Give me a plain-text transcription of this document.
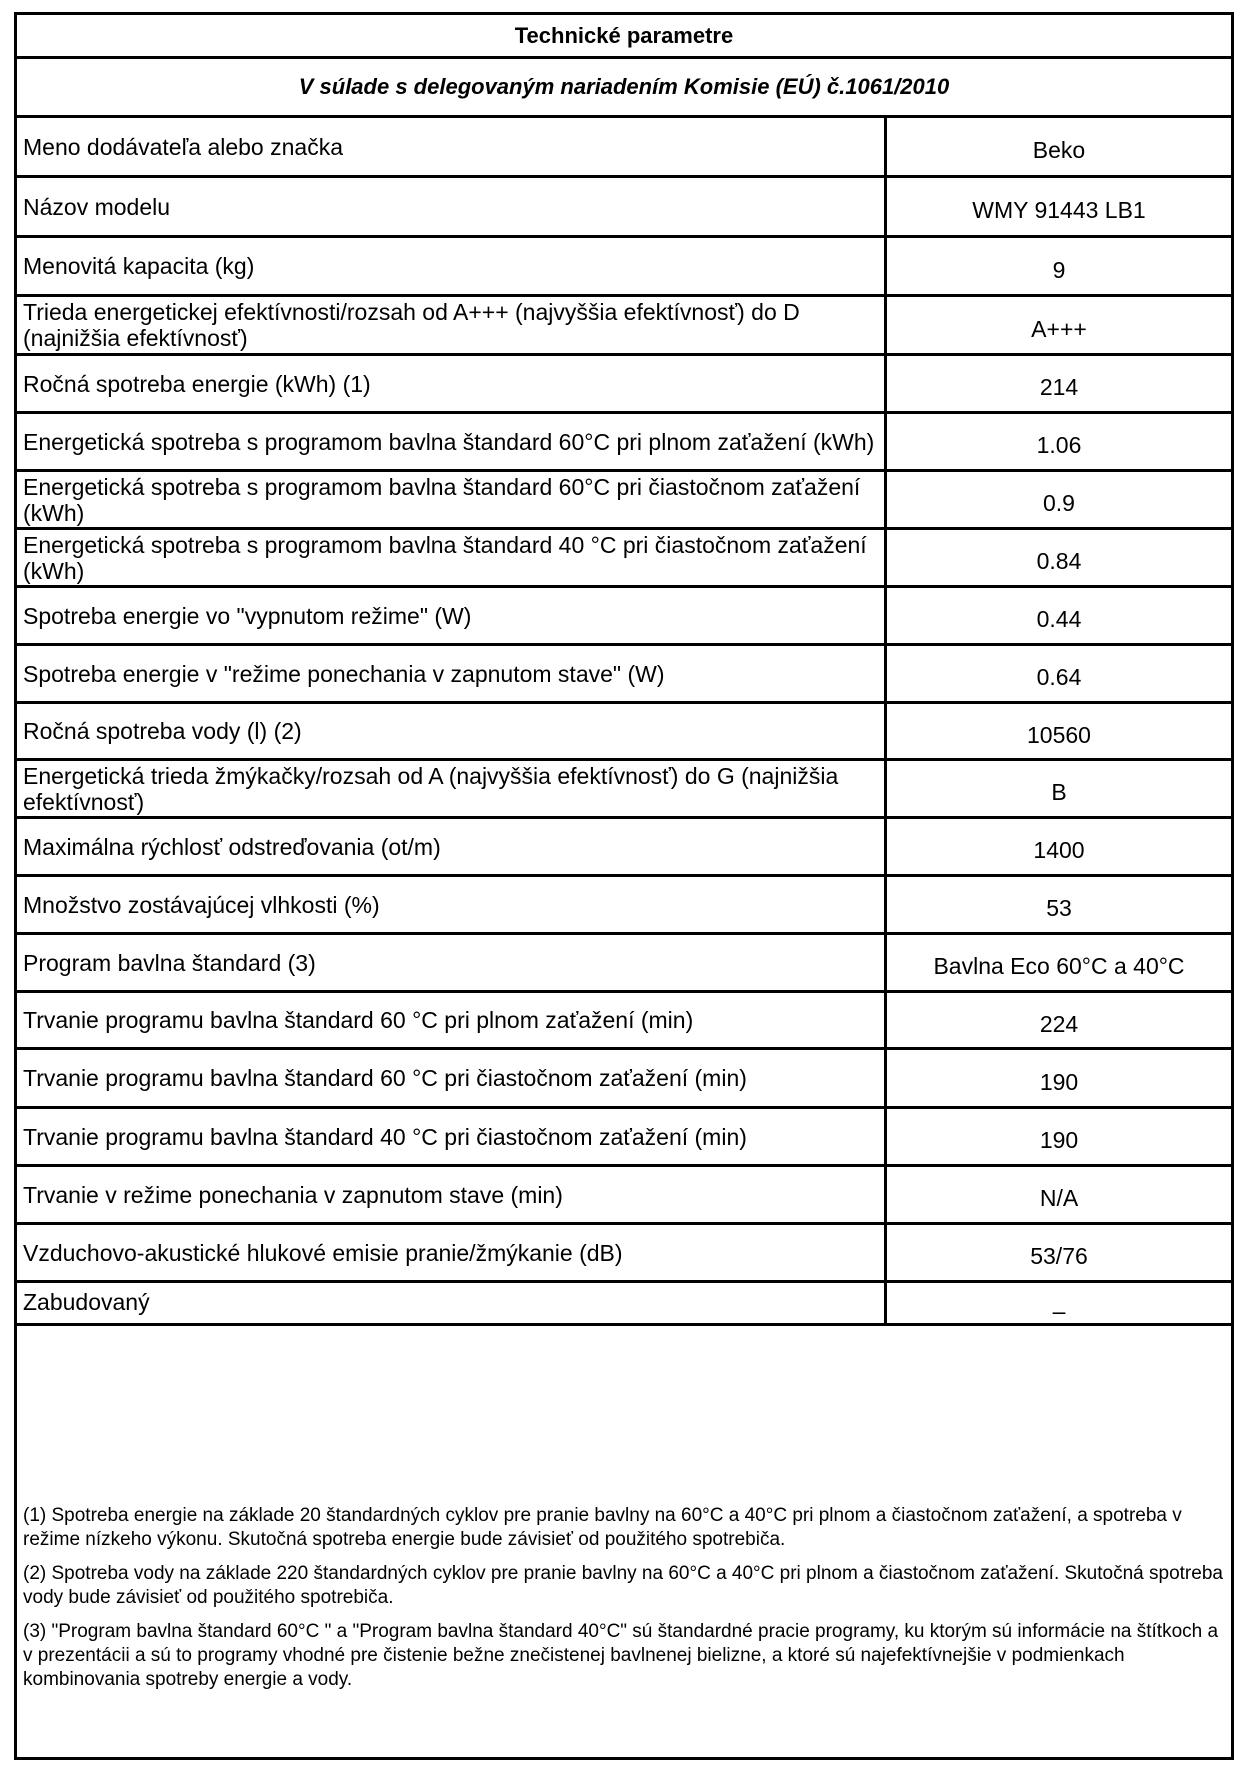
Technické parametre
V súlade s delegovaným nariadením Komisie (EÚ) č.1061/2010
Meno dodávateľa alebo značka	Beko
Názov modelu	WMY 91443 LB1
Menovitá kapacita (kg)	9
Trieda energetickej efektívnosti/rozsah od A+++ (najvyššia efektívnosť) do D (najnižšia efektívnosť)	A+++
Ročná spotreba energie (kWh) (1)	214
Energetická spotreba s programom bavlna štandard 60°C pri plnom zaťažení (kWh)	1.06
Energetická spotreba s programom bavlna štandard 60°C pri čiastočnom zaťažení (kWh)	0.9
Energetická spotreba s programom bavlna štandard 40 °C pri čiastočnom zaťažení (kWh)	0.84
Spotreba energie vo "vypnutom režime" (W)	0.44
Spotreba energie v "režime ponechania v zapnutom stave" (W)	0.64
Ročná spotreba vody (l) (2)	10560
Energetická trieda žmýkačky/rozsah od A (najvyššia efektívnosť) do G (najnižšia efektívnosť)	B
Maximálna rýchlosť odstreďovania (ot/m)	1400
Množstvo zostávajúcej vlhkosti (%)	53
Program bavlna štandard (3)	Bavlna Eco 60°C a 40°C
Trvanie programu bavlna štandard 60 °C pri plnom zaťažení (min)	224
Trvanie programu bavlna štandard 60 °C pri čiastočnom zaťažení (min)	190
Trvanie programu bavlna štandard 40 °C pri čiastočnom zaťažení (min)	190
Trvanie v režime ponechania v zapnutom stave (min)	N/A
Vzduchovo-akustické hlukové emisie pranie/žmýkanie (dB)	53/76
Zabudovaný	–

(1) Spotreba energie na základe 20 štandardných cyklov pre pranie bavlny na 60°C a 40°C pri plnom a čiastočnom zaťažení, a spotreba v režime nízkeho výkonu. Skutočná spotreba energie bude závisieť od použitého spotrebiča.

(2) Spotreba vody na základe 220 štandardných cyklov pre pranie bavlny na 60°C a 40°C pri plnom a čiastočnom zaťažení. Skutočná spotreba vody bude závisieť od použitého spotrebiča.

(3) "Program bavlna štandard 60°C " a "Program bavlna štandard 40°C" sú štandardné pracie programy, ku ktorým sú informácie na štítkoch a v prezentácii a sú to programy vhodné pre čistenie bežne znečistenej bavlnenej bielizne, a ktoré sú najefektívnejšie v podmienkach kombinovania spotreby energie a vody.
